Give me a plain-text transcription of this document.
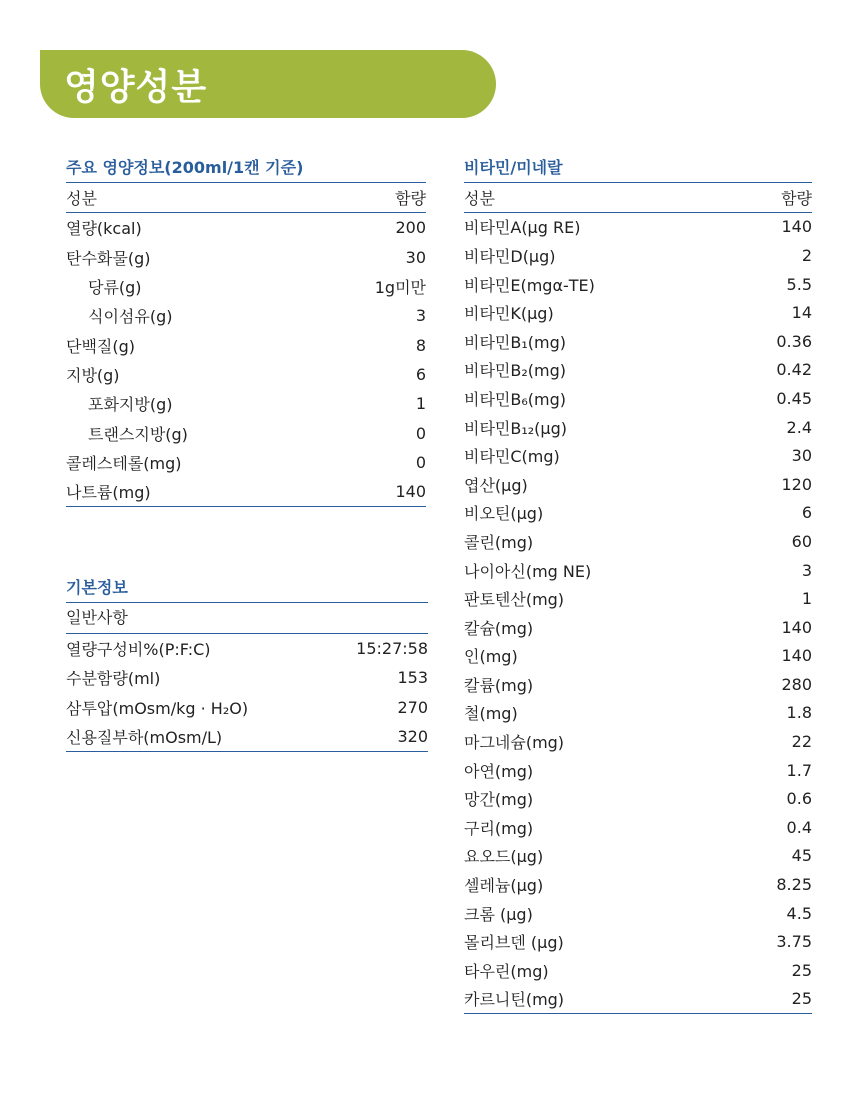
영양성분
주요 영양정보(200ml/1캔 기준)
성분	함량
열량(kcal)	200
탄수화물(g)	30
당류(g)	1g미만
식이섬유(g)	3
단백질(g)	8
지방(g)	6
포화지방(g)	1
트랜스지방(g)	0
콜레스테롤(mg)	0
나트륨(mg)	140
기본정보
일반사항
열량구성비%(P:F:C)	15:27:58
수분함량(ml)	153
삼투압(mOsm/kg · H₂O)	270
신용질부하(mOsm/L)	320
비타민/미네랄
성분	함량
비타민A(μg RE)	140
비타민D(μg)	2
비타민E(mgα-TE)	5.5
비타민K(μg)	14
비타민B₁(mg)	0.36
비타민B₂(mg)	0.42
비타민B₆(mg)	0.45
비타민B₁₂(μg)	2.4
비타민C(mg)	30
엽산(μg)	120
비오틴(μg)	6
콜린(mg)	60
나이아신(mg NE)	3
판토텐산(mg)	1
칼슘(mg)	140
인(mg)	140
칼륨(mg)	280
철(mg)	1.8
마그네슘(mg)	22
아연(mg)	1.7
망간(mg)	0.6
구리(mg)	0.4
요오드(μg)	45
셀레늄(μg)	8.25
크롬 (μg)	4.5
몰리브덴 (μg)	3.75
타우린(mg)	25
카르니틴(mg)	25
